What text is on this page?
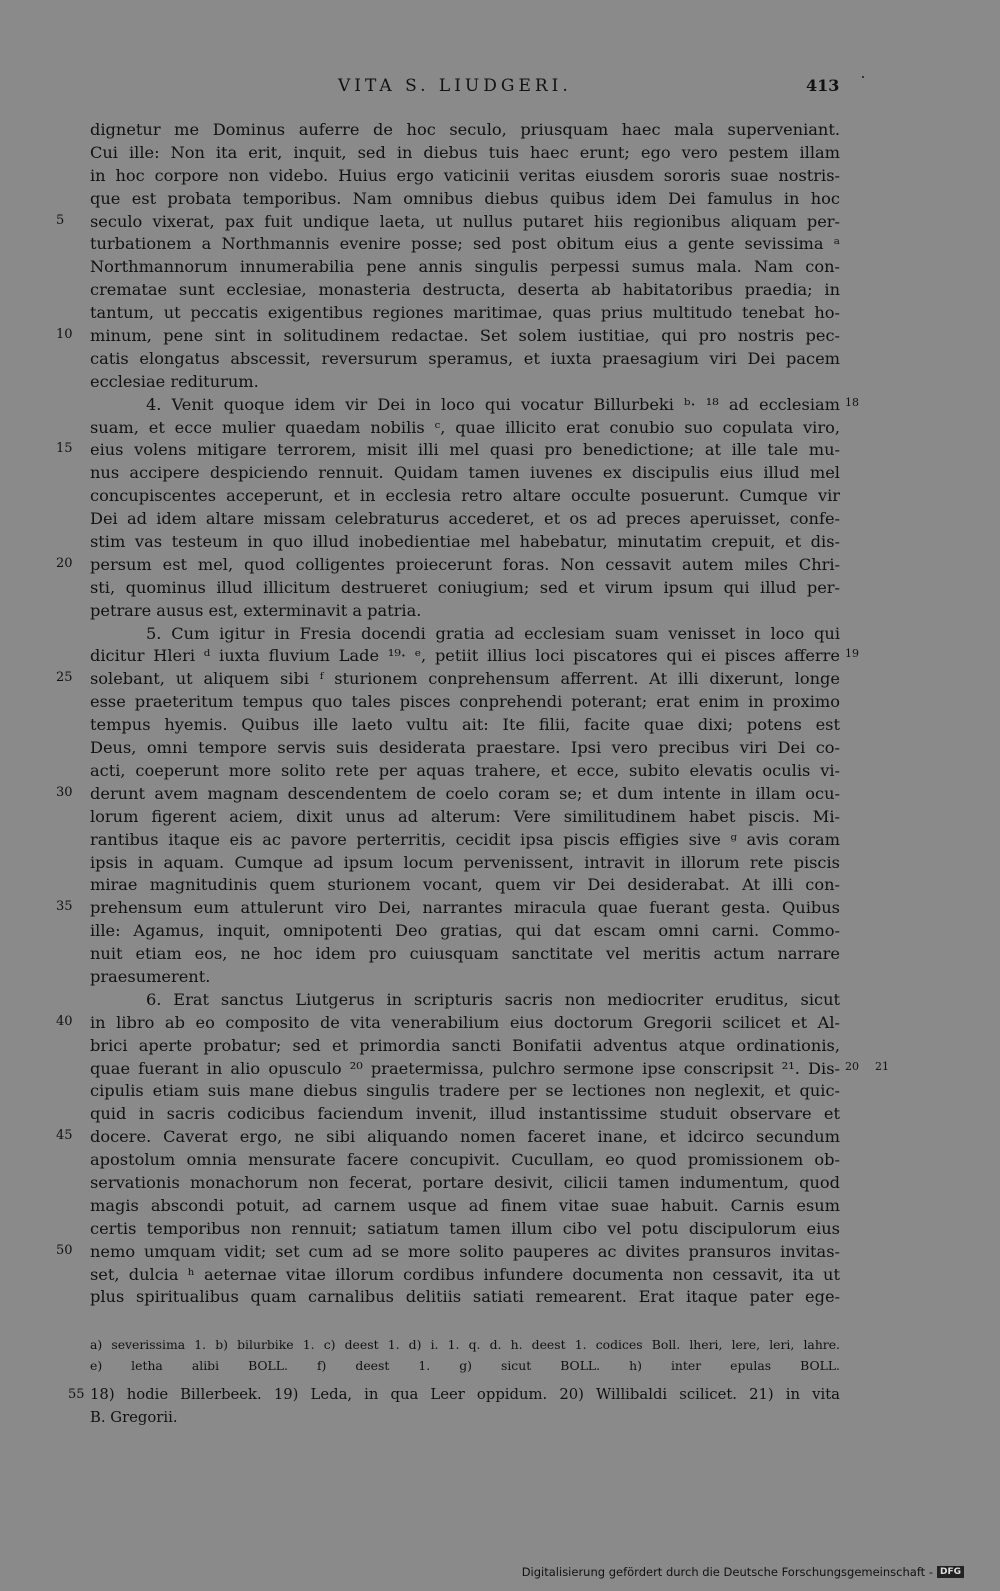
VITA S. LIUDGERI.	413
dignetur me Dominus auferre de hoc seculo, priusquam haec mala superveniant.
Cui ille: Non ita erit, inquit, sed in diebus tuis haec erunt; ego vero pestem illam
in hoc corpore non videbo. Huius ergo vaticinii veritas eiusdem sororis suae nostris-
que est probata temporibus. Nam omnibus diebus quibus idem Dei famulus in hoc
5	seculo vixerat, pax fuit undique laeta, ut nullus putaret hiis regionibus aliquam per-
turbationem a Northmannis evenire posse; sed post obitum eius a gente sevissima ᵃ
Northmannorum innumerabilia pene annis singulis perpessi sumus mala. Nam con-
crematae sunt ecclesiae, monasteria destructa, deserta ab habitatoribus praedia; in
tantum, ut peccatis exigentibus regiones maritimae, quas prius multitudo tenebat ho-
10	minum, pene sint in solitudinem redactae. Set solem iustitiae, qui pro nostris pec-
catis elongatus abscessit, reversurum speramus, et iuxta praesagium viri Dei pacem
ecclesiae rediturum.
4. Venit quoque idem vir Dei in loco qui vocatur Billurbeki ᵇ· ¹⁸ ad ecclesiam 18
suam, et ecce mulier quaedam nobilis ᶜ, quae illicito erat conubio suo copulata viro,
15	eius volens mitigare terrorem, misit illi mel quasi pro benedictione; at ille tale mu-
nus accipere despiciendo rennuit. Quidam tamen iuvenes ex discipulis eius illud mel
concupiscentes acceperunt, et in ecclesia retro altare occulte posuerunt. Cumque vir
Dei ad idem altare missam celebraturus accederet, et os ad preces aperuisset, confe-
stim vas testeum in quo illud inobedientiae mel habebatur, minutatim crepuit, et dis-
20	persum est mel, quod colligentes proiecerunt foras. Non cessavit autem miles Chri-
sti, quominus illud illicitum destrueret coniugium; sed et virum ipsum qui illud per-
petrare ausus est, exterminavit a patria.
5. Cum igitur in Fresia docendi gratia ad ecclesiam suam venisset in loco qui
dicitur Hleri ᵈ iuxta fluvium Lade ¹⁹· ᵉ, petiit illius loci piscatores qui ei pisces afferre 19
25	solebant, ut aliquem sibi ᶠ sturionem conprehensum afferrent. At illi dixerunt, longe
esse praeteritum tempus quo tales pisces conprehendi poterant; erat enim in proximo
tempus hyemis. Quibus ille laeto vultu ait: Ite filii, facite quae dixi; potens est
Deus, omni tempore servis suis desiderata praestare. Ipsi vero precibus viri Dei co-
acti, coeperunt more solito rete per aquas trahere, et ecce, subito elevatis oculis vi-
30	derunt avem magnam descendentem de coelo coram se; et dum intente in illam ocu-
lorum figerent aciem, dixit unus ad alterum: Vere similitudinem habet piscis. Mi-
rantibus itaque eis ac pavore perterritis, cecidit ipsa piscis effigies sive ᵍ avis coram
ipsis in aquam. Cumque ad ipsum locum pervenissent, intravit in illorum rete piscis
mirae magnitudinis quem sturionem vocant, quem vir Dei desiderabat. At illi con-
35	prehensum eum attulerunt viro Dei, narrantes miracula quae fuerant gesta. Quibus
ille: Agamus, inquit, omnipotenti Deo gratias, qui dat escam omni carni. Commo-
nuit etiam eos, ne hoc idem pro cuiusquam sanctitate vel meritis actum narrare
praesumerent.
6. Erat sanctus Liutgerus in scripturis sacris non mediocriter eruditus, sicut
40	in libro ab eo composito de vita venerabilium eius doctorum Gregorii scilicet et Al-
brici aperte probatur; sed et primordia sancti Bonifatii adventus atque ordinationis,
quae fuerant in alio opusculo ²⁰ praetermissa, pulchro sermone ipse conscripsit ²¹. Dis- 20 21
cipulis etiam suis mane diebus singulis tradere per se lectiones non neglexit, et quic-
quid in sacris codicibus faciendum invenit, illud instantissime studuit observare et
45	docere. Caverat ergo, ne sibi aliquando nomen faceret inane, et idcirco secundum
apostolum omnia mensurate facere concupivit. Cucullam, eo quod promissionem ob-
servationis monachorum non fecerat, portare desivit, cilicii tamen indumentum, quod
magis abscondi potuit, ad carnem usque ad finem vitae suae habuit. Carnis esum
certis temporibus non rennuit; satiatum tamen illum cibo vel potu discipulorum eius
50	nemo umquam vidit; set cum ad se more solito pauperes ac divites pransuros invitas-
set, dulcia ʰ aeternae vitae illorum cordibus infundere documenta non cessavit, ita ut
plus spiritualibus quam carnalibus delitiis satiati remearent. Erat itaque pater ege-
a) severissima 1. b) bilurbike 1. c) deest 1. d) i. 1. q. d. h. deest 1. codices Boll. lheri, lere, leri, lahre.
e) letha alibi BOLL. f) deest 1. g) sicut BOLL. h) inter epulas BOLL.
55 18) hodie Billerbeek. 19) Leda, in qua Leer oppidum. 20) Willibaldi scilicet. 21) in vita
B. Gregorii.
Digitalisierung gefördert durch die Deutsche Forschungsgemeinschaft - DFG
